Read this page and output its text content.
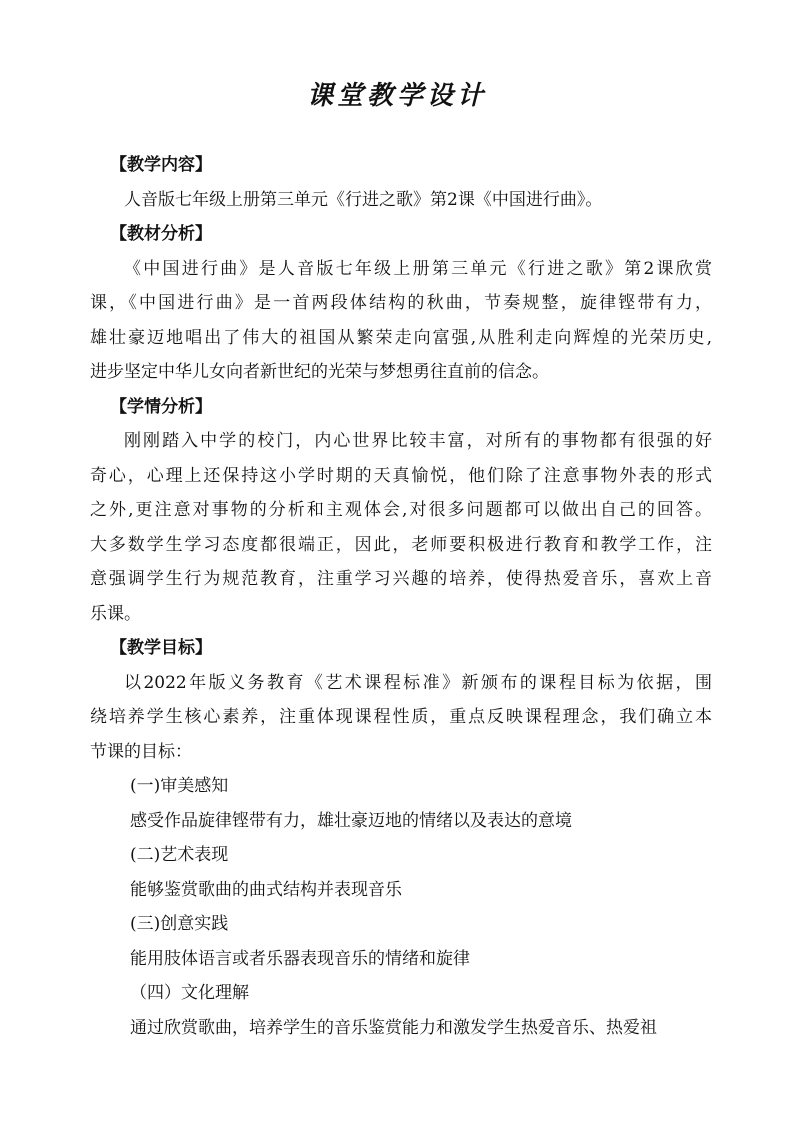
课堂教学设计
【教学内容】
人音版七年级上册第三单元《行进之歌》第2课《中国进行曲》。
【教材分析】
《中国进行曲》是人音版七年级上册第三单元《行进之歌》第2课欣赏
课，《中国进行曲》是一首两段体结构的秋曲，节奏规整，旋律铿带有力，
雄壮豪迈地唱出了伟大的祖国从繁荣走向富强,从胜利走向辉煌的光荣历史,
进步坚定中华儿女向者新世纪的光荣与梦想勇往直前的信念。
【学情分析】
刚刚踏入中学的校门，内心世界比较丰富，对所有的事物都有很强的好
奇心，心理上还保持这小学时期的天真愉悦，他们除了注意事物外表的形式
之外,更注意对事物的分析和主观体会,对很多问题都可以做出自己的回答。
大多数学生学习态度都很端正，因此，老师要积极进行教育和教学工作，注
意强调学生行为规范教育，注重学习兴趣的培养，使得热爱音乐，喜欢上音
乐课。
【教学目标】
以2022年版义务教育《艺术课程标准》新颁布的课程目标为依据，围
绕培养学生核心素养，注重体现课程性质，重点反映课程理念，我们确立本
节课的目标：
(一)审美感知
感受作品旋律铿带有力，雄壮豪迈地的情绪以及表达的意境
(二)艺术表现
能够鉴赏歌曲的曲式结构并表现音乐
(三)创意实践
能用肢体语言或者乐器表现音乐的情绪和旋律
（四）文化理解
通过欣赏歌曲，培养学生的音乐鉴赏能力和激发学生热爱音乐、热爱祖
